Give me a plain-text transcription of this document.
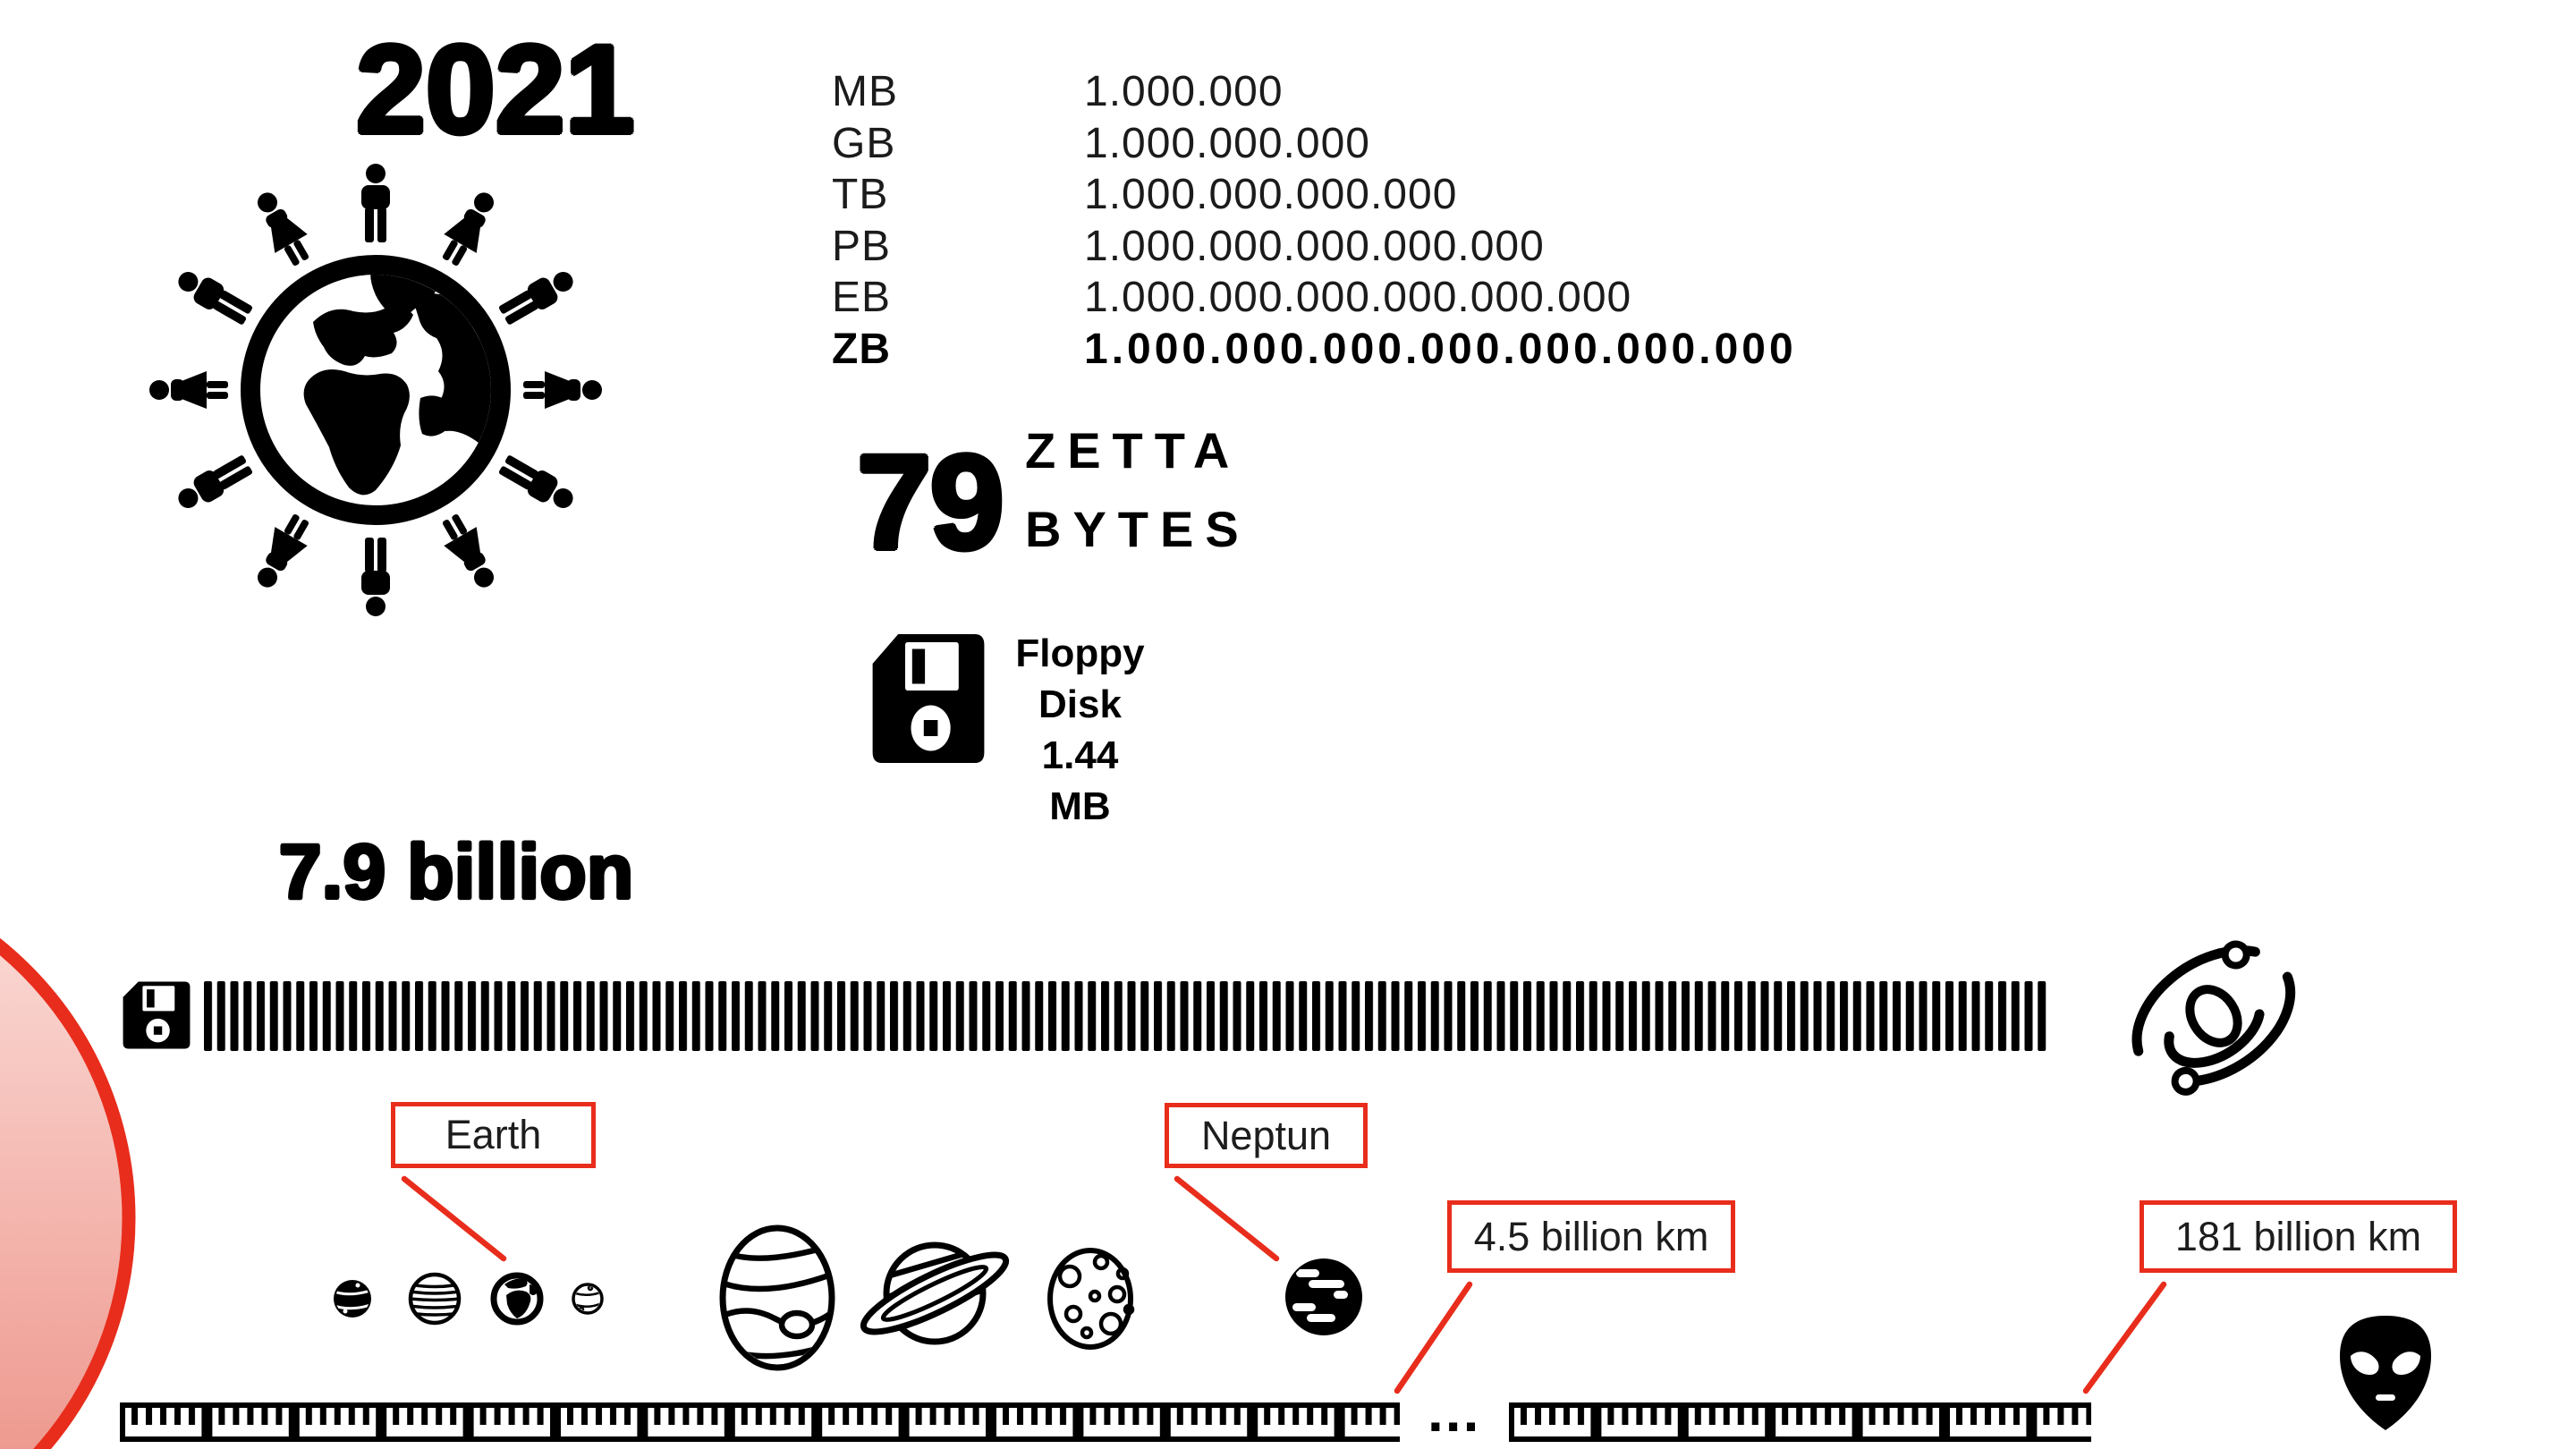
2021
7.9 billion
MB	1.000.000
GB	1.000.000.000
TB	1.000.000.000.000
PB	1.000.000.000.000.000
EB	1.000.000.000.000.000.000
ZB	1.000.000.000.000.000.000.000
79 ZETTA
BYTES
Floppy
Disk
1.44 MB
Earth	Neptun
4.5 billion km	181 billion km
...
